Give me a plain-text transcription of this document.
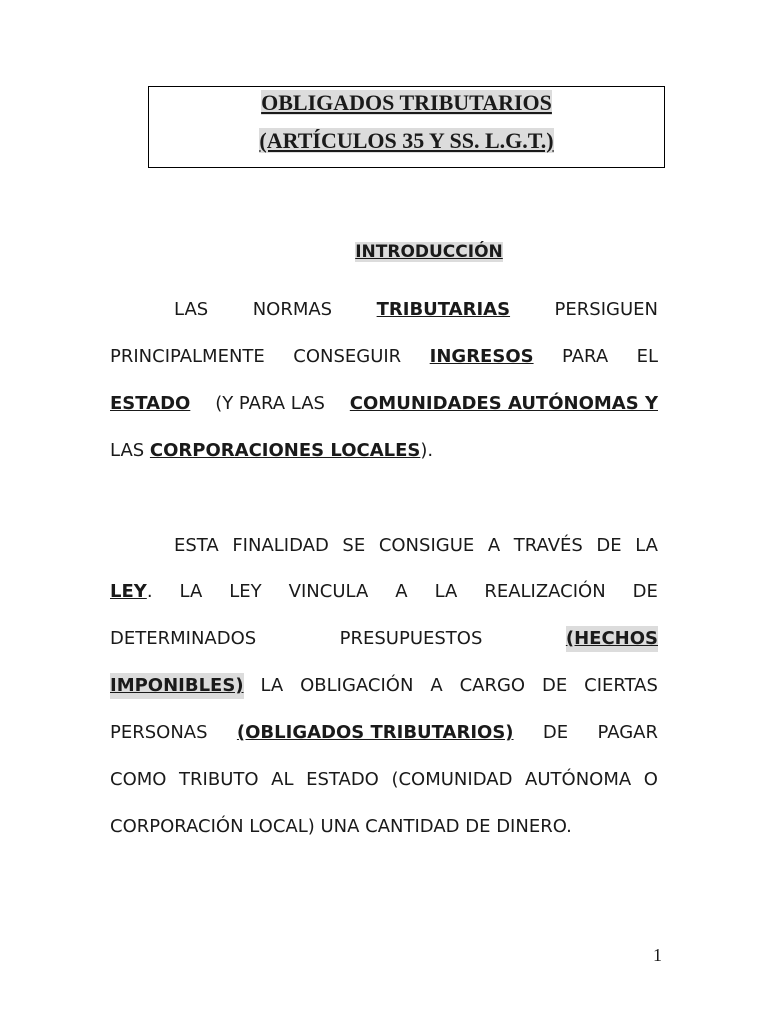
OBLIGADOS TRIBUTARIOS
(ARTÍCULOS 35 Y SS. L.G.T.)
INTRODUCCIÓN
LAS NORMAS TRIBUTARIAS PERSIGUEN
PRINCIPALMENTE CONSEGUIR INGRESOS PARA EL
ESTADO (Y PARA LAS COMUNIDADES AUTÓNOMAS Y
LAS CORPORACIONES LOCALES).
ESTA FINALIDAD SE CONSIGUE A TRAVÉS DE LA
LEY. LA LEY VINCULA A LA REALIZACIÓN DE
DETERMINADOS	PRESUPUESTOS	(HECHOS
IMPONIBLES) LA OBLIGACIÓN A CARGO DE CIERTAS
PERSONAS (OBLIGADOS TRIBUTARIOS) DE PAGAR
COMO TRIBUTO AL ESTADO (COMUNIDAD AUTÓNOMA O
CORPORACIÓN LOCAL) UNA CANTIDAD DE DINERO.
1
